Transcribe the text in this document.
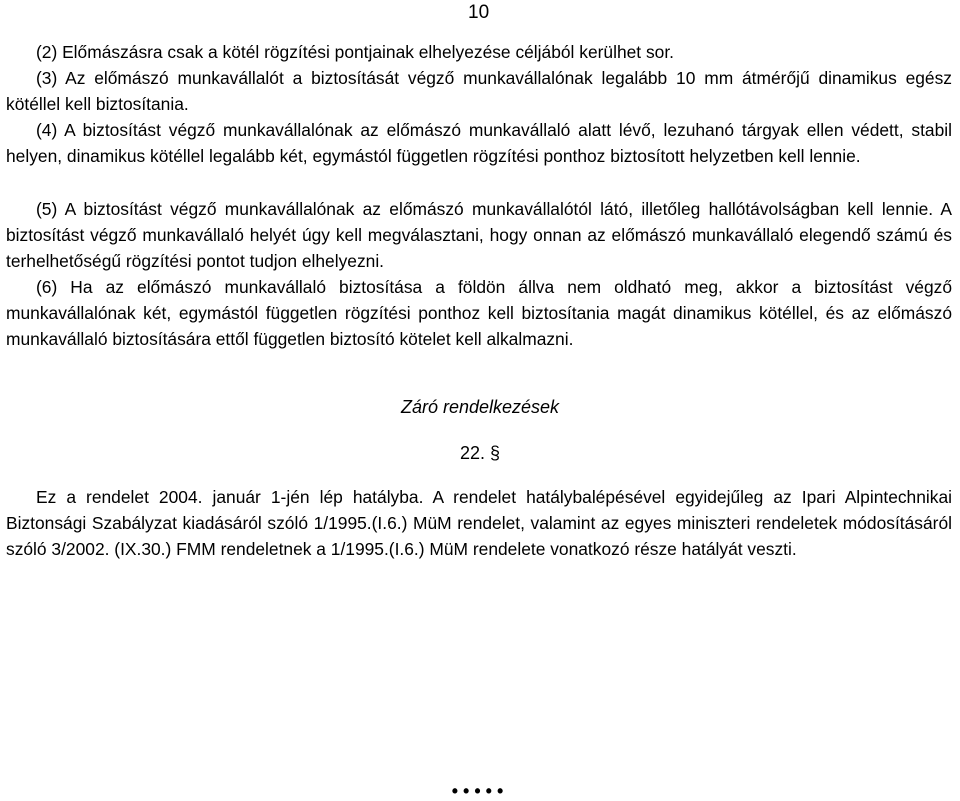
10

(2) Előmászásra csak a kötél rögzítési pontjainak elhelyezése céljából kerülhet sor.

(3) Az előmászó munkavállalót a biztosítását végző munkavállalónak legalább 10 mm átmérőjű dinamikus egész kötéllel kell biztosítania.

(4) A biztosítást végző munkavállalónak az előmászó munkavállaló alatt lévő, lezuhanó tárgyak ellen védett, stabil helyen, dinamikus kötéllel legalább két, egymástól független rögzítési ponthoz biztosított helyzetben kell lennie.

(5) A biztosítást végző munkavállalónak az előmászó munkavállalótól látó, illetőleg hallótávolságban kell lennie. A biztosítást végző munkavállaló helyét úgy kell megválasztani, hogy onnan az előmászó munkavállaló elegendő számú és terhelhetőségű rögzítési pontot tudjon elhelyezni.

(6) Ha az előmászó munkavállaló biztosítása a földön állva nem oldható meg, akkor a biztosítást végző munkavállalónak két, egymástól független rögzítési ponthoz kell biztosítania magát dinamikus kötéllel, és az előmászó munkavállaló biztosítására ettől független biztosító kötelet kell alkalmazni.

Záró rendelkezések
22. §

Ez a rendelet 2004. január 1-jén lép hatályba. A rendelet hatálybalépésével egyidejűleg az Ipari Alpintechnikai Biztonsági Szabályzat kiadásáról szóló 1/1995.(I.6.) MüM rendelet, valamint az egyes miniszteri rendeletek módosításáról szóló 3/2002. (IX.30.) FMM rendeletnek a 1/1995.(I.6.) MüM rendelete vonatkozó része hatályát veszti.

•••••
